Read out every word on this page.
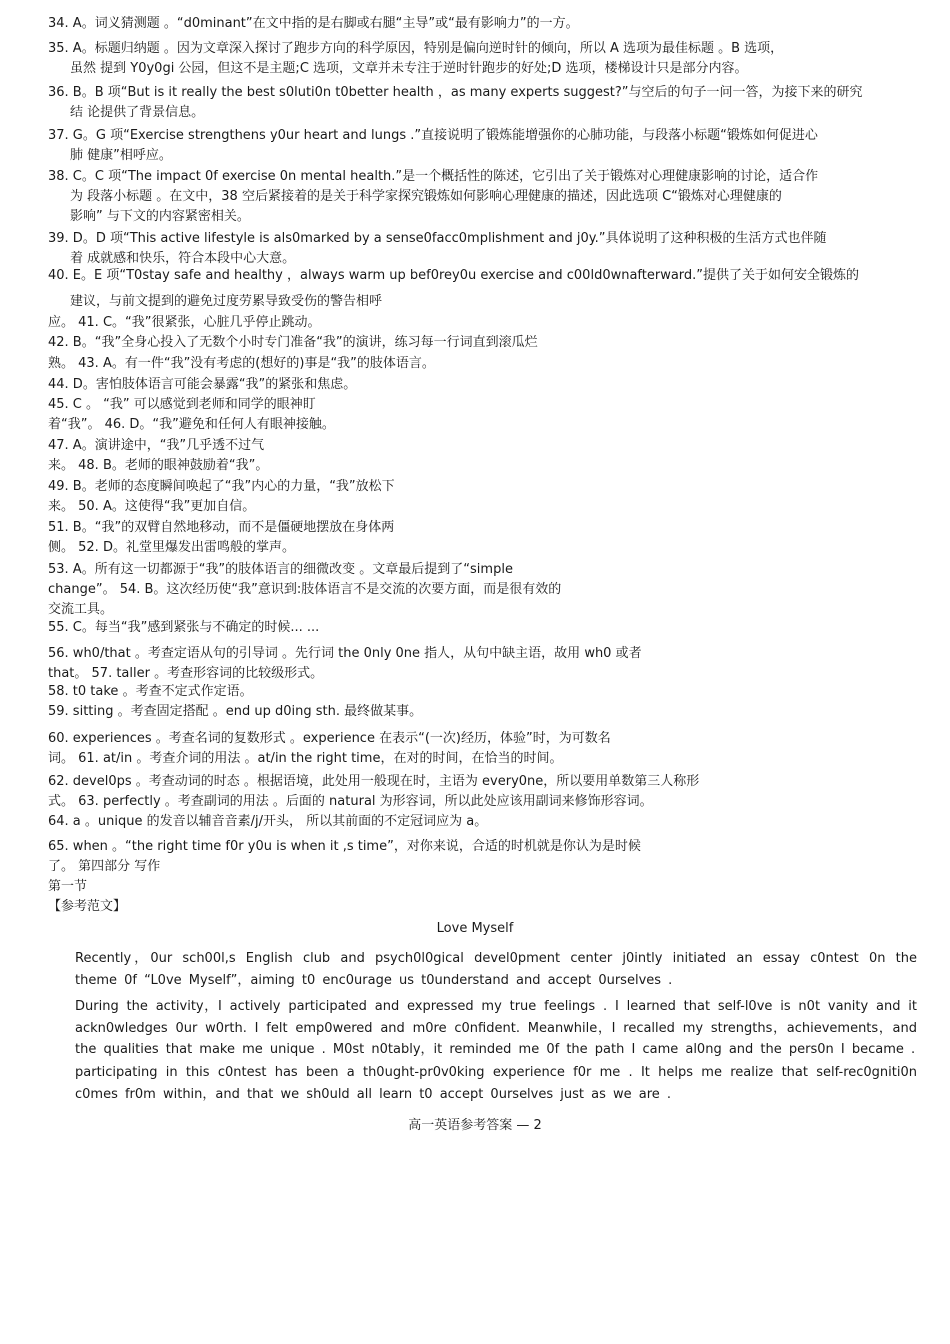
34. A。词义猜测题 。“d0minant”在文中指的是右脚或右腿“主导”或“最有影响力”的一方。
35. A。标题归纳题 。因为文章深入探讨了跑步方向的科学原因，特别是偏向逆时针的倾向，所以 A 选项为最佳标题 。B 选项，
虽然 提到 Y0y0gi 公园，但这不是主题;C 选项，文章并未专注于逆时针跑步的好处;D 选项，楼梯设计只是部分内容。
36. B。B 项“But is it really the best s0luti0n t0better health ，as many experts suggest?”与空后的句子一问一答，为接下来的研究
结 论提供了背景信息。
37. G。G 项“Exercise strengthens y0ur heart and lungs .”直接说明了锻炼能增强你的心肺功能，与段落小标题“锻炼如何促进心
肺 健康”相呼应。
38. C。C 项“The impact 0f exercise 0n mental health.”是一个概括性的陈述，它引出了关于锻炼对心理健康影响的讨论，适合作
为 段落小标题 。在文中，38 空后紧接着的是关于科学家探究锻炼如何影响心理健康的描述，因此选项 C“锻炼对心理健康的
影响” 与下文的内容紧密相关。
39. D。D 项“This active lifestyle is als0marked by a sense0facc0mplishment and j0y.”具体说明了这种积极的生活方式也伴随
着 成就感和快乐，符合本段中心大意。
40. E。E 项“T0stay safe and healthy ，always warm up bef0rey0u exercise and c00ld0wnafterward.”提供了关于如何安全锻炼的
建议，与前文提到的避免过度劳累导致受伤的警告相呼
应。 41. C。“我”很紧张，心脏几乎停止跳动。
42. B。“我”全身心投入了无数个小时专门准备“我”的演讲，练习每一行词直到滚瓜烂
熟。 43. A。有一件“我”没有考虑的(想好的)事是“我”的肢体语言。
44. D。害怕肢体语言可能会暴露“我”的紧张和焦虑。
45. C 。 “我” 可以感觉到老师和同学的眼神盯
着“我”。 46. D。“我”避免和任何人有眼神接触。
47. A。演讲途中，“我”几乎透不过气
来。 48. B。老师的眼神鼓励着“我”。
49. B。老师的态度瞬间唤起了“我”内心的力量，“我”放松下
来。 50. A。这使得“我”更加自信。
51. B。“我”的双臂自然地移动，而不是僵硬地摆放在身体两
侧。 52. D。礼堂里爆发出雷鸣般的掌声。
53. A。所有这一切都源于“我”的肢体语言的细微改变 。文章最后提到了“simple
change”。 54. B。这次经历使“我”意识到:肢体语言不是交流的次要方面，而是很有效的
交流工具。
55. C。每当“我”感到紧张与不确定的时候... ...
56. wh0/that 。考查定语从句的引导词 。先行词 the 0nly 0ne 指人，从句中缺主语，故用 wh0 或者
that。 57. taller 。考查形容词的比较级形式。
58. t0 take 。考查不定式作定语。
59. sitting 。考查固定搭配 。end up d0ing sth. 最终做某事。
60. experiences 。考查名词的复数形式 。experience 在表示“(一次)经历，体验”时，为可数名
词。 61. at/in 。考查介词的用法 。at/in the right time，在对的时间，在恰当的时间。
62. devel0ps 。考查动词的时态 。根据语境，此处用一般现在时，主语为 every0ne，所以要用单数第三人称形
式。 63. perfectly 。考查副词的用法 。后面的 natural 为形容词，所以此处应该用副词来修饰形容词。
64. a 。unique 的发音以辅音音素/j/开头， 所以其前面的不定冠词应为 a。
65. when 。“the right time f0r y0u is when it ,s time”，对你来说，合适的时机就是你认为是时候
了。 第四部分 写作
第一节
【参考范文】
Love Myself
Recently，0ur sch00l,s English club and psych0l0gical devel0pment center j0intly initiated an essay c0ntest 0n the theme 0f “L0ve Myself”，aiming t0 enc0urage us t0understand and accept 0urselves .
During the activity，I actively participated and expressed my true feelings . I learned that self-l0ve is n0t vanity and it ackn0wledges 0ur w0rth. I felt emp0wered and m0re c0nfident. Meanwhile，I recalled my strengths，achievements，and the qualities that make me unique . M0st n0tably，it reminded me 0f the path I came al0ng and the pers0n I became .
participating in this c0ntest has been a th0ught-pr0v0king experience f0r me . It helps me realize that self-rec0gniti0n c0mes fr0m within，and that we sh0uld all learn t0 accept 0urselves just as we are .
高一英语参考答案 — 2
